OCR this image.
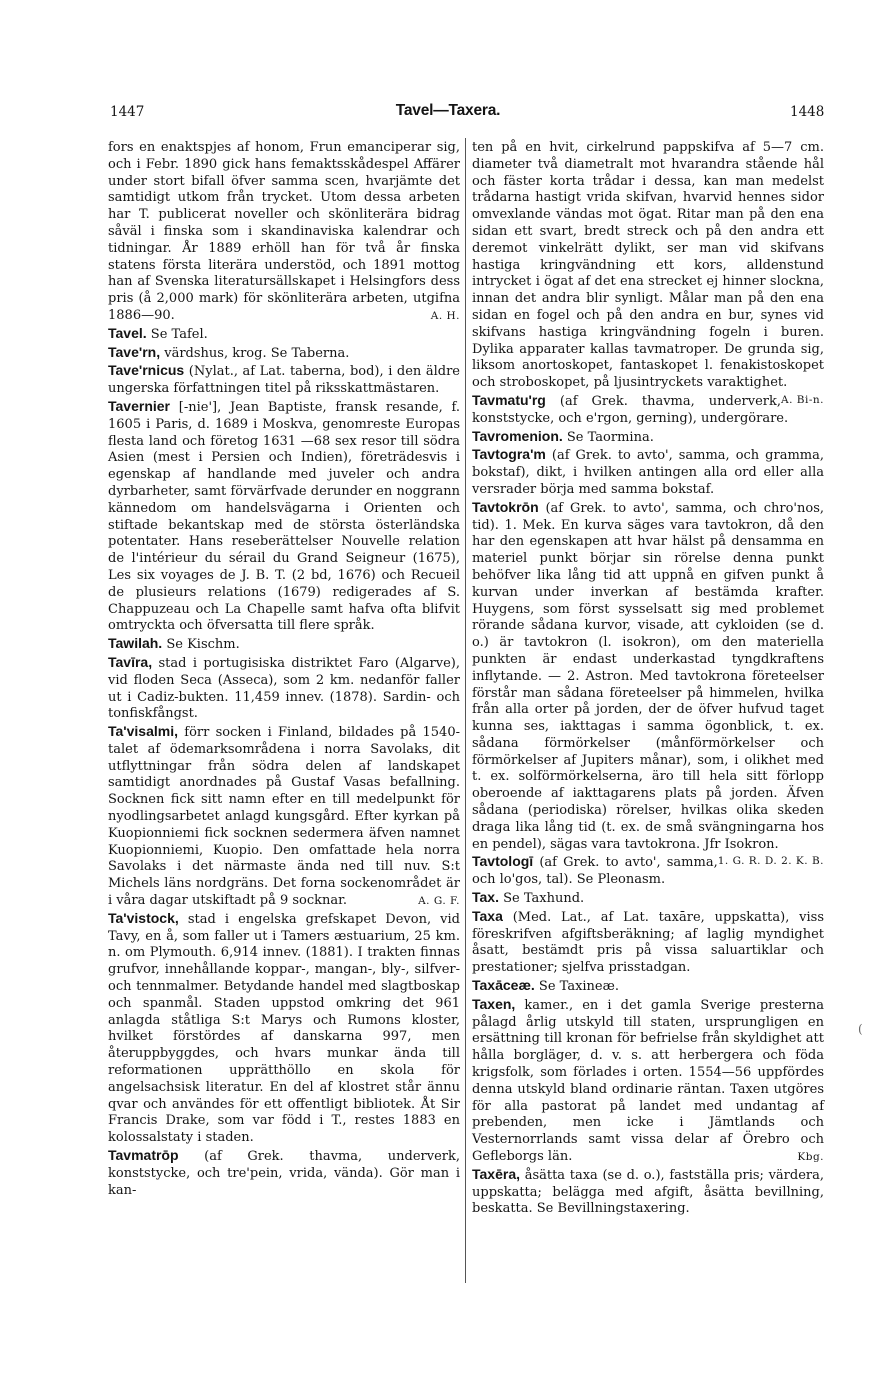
1447	Tavel—Taxera.	1448

fors en enaktspjes af honom, Frun emanciperar sig, och i Febr. 1890 gick hans femaktsskådespel Affärer under stort bifall öfver samma scen, hvarjämte det samtidigt utkom från trycket. Utom dessa arbeten har T. publicerat noveller och skönliterära bidrag såväl i finska som i skandinaviska kalendrar och tidningar. År 1889 erhöll han för två år finska statens första literära understöd, och 1891 mottog han af Svenska literatursällskapet i Helsingfors dess pris (å 2,000 mark) för skönliterära arbeten, utgifna 1886—90.	A. H.

Tavel. Se Tafel.

Tave'rn, värdshus, krog. Se Taberna.

Tave'rnicus (Nylat., af Lat. taberna, bod), i den äldre ungerska författningen titel på riksskattmästaren.

Tavernier [-nie'], Jean Baptiste, fransk resande, f. 1605 i Paris, d. 1689 i Moskva, genomreste Europas flesta land och företog 1631 —68 sex resor till södra Asien (mest i Persien och Indien), företrädesvis i egenskap af handlande med juveler och andra dyrbarheter, samt förvärfvade derunder en noggrann kännedom om handelsvägarna i Orienten och stiftade bekantskap med de största österländska potentater. Hans reseberättelser Nouvelle relation de l'intérieur du sérail du Grand Seigneur (1675), Les six voyages de J. B. T. (2 bd, 1676) och Recueil de plusieurs relations (1679) redigerades af S. Chappuzeau och La Chapelle samt hafva ofta blifvit omtryckta och öfversatta till flere språk.

Tawilah. Se Kischm.

Tavīra, stad i portugisiska distriktet Faro (Algarve), vid floden Seca (Asseca), som 2 km. nedanför faller ut i Cadiz-bukten. 11,459 innev. (1878). Sardin- och tonfiskfångst.

Ta'visalmi, förr socken i Finland, bildades på 1540-talet af ödemarksområdena i norra Savolaks, dit utflyttningar från södra delen af landskapet samtidigt anordnades på Gustaf Vasas befallning. Socknen fick sitt namn efter en till medelpunkt för nyodlingsarbetet anlagd kungsgård. Efter kyrkan på Kuopionniemi fick socknen sedermera äfven namnet Kuopionniemi, Kuopio. Den omfattade hela norra Savolaks i det närmaste ända ned till nuv. S:t Michels läns nordgräns. Det forna sockenområdet är i våra dagar utskiftadt på 9 socknar.	A. G. F.

Ta'vistock, stad i engelska grefskapet Devon, vid Tavy, en å, som faller ut i Tamers æstuarium, 25 km. n. om Plymouth. 6,914 innev. (1881). I trakten finnas grufvor, innehållande koppar-, mangan-, bly-, silfver- och tennmalmer. Betydande handel med slagtboskap och spanmål. Staden uppstod omkring det 961 anlagda ståtliga S:t Marys och Rumons kloster, hvilket förstördes af danskarna 997, men återuppbyggdes, och hvars munkar ända till reformationen upprätthöllo en skola för angelsachsisk literatur. En del af klostret står ännu qvar och användes för ett offentligt bibliotek. Åt Sir Francis Drake, som var född i T., restes 1883 en kolossalstaty i staden.

Tavmatrōp (af Grek. thavma, underverk, konststycke, och tre'pein, vrida, vända). Gör man i kan-

ten på en hvit, cirkelrund pappskifva af 5—7 cm. diameter två diametralt mot hvarandra stående hål och fäster korta trådar i dessa, kan man medelst trådarna hastigt vrida skifvan, hvarvid hennes sidor omvexlande vändas mot ögat. Ritar man på den ena sidan ett svart, bredt streck och på den andra ett deremot vinkelrätt dylikt, ser man vid skifvans hastiga kringvändning ett kors, alldenstund intrycket i ögat af det ena strecket ej hinner slockna, innan det andra blir synligt. Målar man på den ena sidan en fogel och på den andra en bur, synes vid skifvans hastiga kringvändning fogeln i buren. Dylika apparater kallas tavmatroper. De grunda sig, liksom anortoskopet, fantaskopet l. fenakistoskopet och stroboskopet, på ljusintryckets varaktighet.
A. Bi-n.

Tavmatu'rg (af Grek. thavma, underverk, konststycke, och e'rgon, gerning), undergörare.

Tavromenion. Se Taormina.

Tavtogra'm (af Grek. to avto', samma, och gramma, bokstaf), dikt, i hvilken antingen alla ord eller alla versrader börja med samma bokstaf.

Tavtokrōn (af Grek. to avto', samma, och chro'nos, tid). 1. Mek. En kurva säges vara tavtokron, då den har den egenskapen att hvar hälst på densamma en materiel punkt börjar sin rörelse denna punkt behöfver lika lång tid att uppnå en gifven punkt å kurvan under inverkan af bestämda krafter. Huygens, som först sysselsatt sig med problemet rörande sådana kurvor, visade, att cykloiden (se d. o.) är tavtokron (l. isokron), om den materiella punkten är endast underkastad tyngdkraftens inflytande. — 2. Astron. Med tavtokrona företeelser förstår man sådana företeelser på himmelen, hvilka från alla orter på jorden, der de öfver hufvud taget kunna ses, iakttagas i samma ögonblick, t. ex. sådana förmörkelser (månförmörkelser och förmörkelser af Jupiters månar), som, i olikhet med t. ex. solförmörkelserna, äro till hela sitt förlopp oberoende af iakttagarens plats på jorden. Äfven sådana (periodiska) rörelser, hvilkas olika skeden draga lika lång tid (t. ex. de små svängningarna hos en pendel), sägas vara tavtokrona. Jfr Isokron.
1. G. R. D. 2. K. B.

Tavtologī (af Grek. to avto', samma, och lo'gos, tal). Se Pleonasm.

Tax. Se Taxhund.

Taxa (Med. Lat., af Lat. taxāre, uppskatta), viss föreskrifven afgiftsberäkning; af laglig myndighet åsatt, bestämdt pris på vissa saluartiklar och prestationer; sjelfva prisstadgan.

Taxāceæ. Se Taxineæ.

Taxen, kamer., en i det gamla Sverige presterna pålagd årlig utskyld till staten, ursprungligen en ersättning till kronan för befrielse från skyldighet att hålla borgläger, d. v. s. att herbergera och föda krigsfolk, som förlades i orten. 1554—56 uppfördes denna utskyld bland ordinarie räntan. Taxen utgöres för alla pastorat på landet med undantag af prebenden, men icke i Jämtlands och Vesternorrlands samt vissa delar af Örebro och Gefleborgs län.	Kbg.

Taxēra, åsätta taxa (se d. o.), fastställa pris; värdera, uppskatta; belägga med afgift, åsätta bevillning, beskatta. Se Bevillningstaxering.

(
